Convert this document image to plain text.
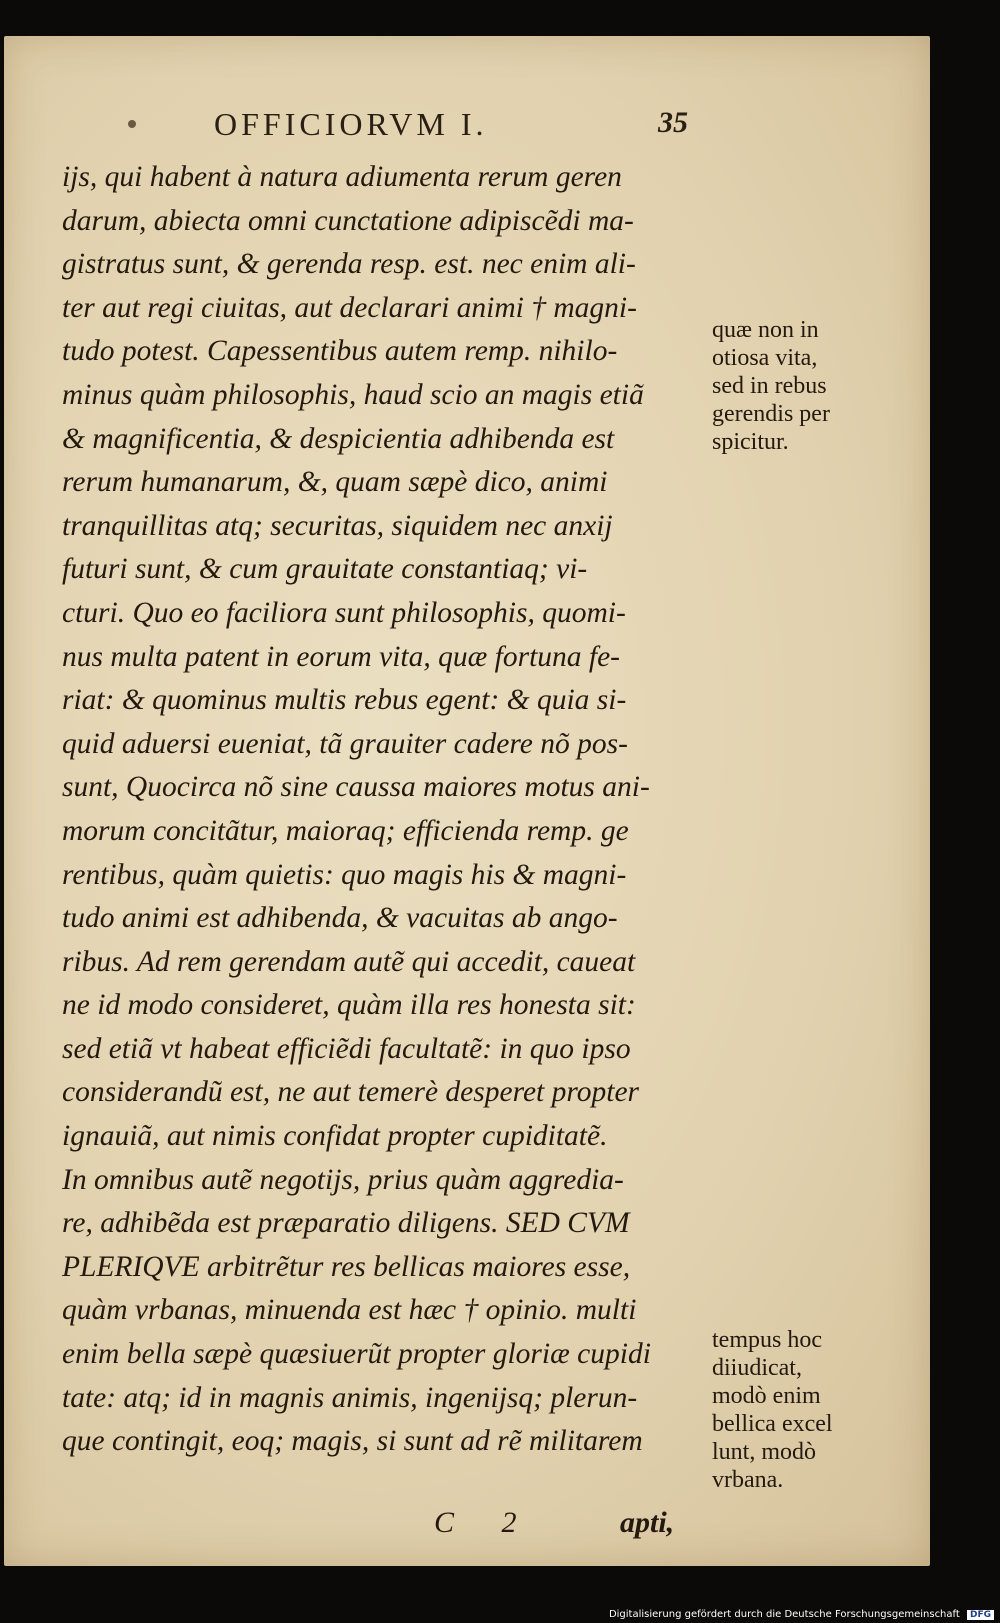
OFFICIORVM I.	35
ijs, qui habent à natura adiumenta rerum geren
darum, abiecta omni cunctatione adipiscẽdi ma-
gistratus sunt, & gerenda resp. est. nec enim ali-
ter aut regi ciuitas, aut declarari animi † magni-
tudo potest. Capessentibus autem remp. nihilo-
minus quàm philosophis, haud scio an magis etiã
& magnificentia, & despicientia adhibenda est
rerum humanarum, &, quam sæpè dico, animi
tranquillitas atq; securitas, siquidem nec anxij
futuri sunt, & cum grauitate constantiaq; vi-
cturi. Quo eo faciliora sunt philosophis, quomi-
nus multa patent in eorum vita, quæ fortuna fe-
riat: & quominus multis rebus egent: & quia si-
quid aduersi eueniat, tã grauiter cadere nõ pos-
sunt, Quocirca nõ sine caussa maiores motus ani-
morum concitãtur, maioraq; efficienda remp. ge
rentibus, quàm quietis: quo magis his & magni-
tudo animi est adhibenda, & vacuitas ab ango-
ribus. Ad rem gerendam autẽ qui accedit, caueat
ne id modo consideret, quàm illa res honesta sit:
sed etiã vt habeat efficiẽdi facultatẽ: in quo ipso
considerandũ est, ne aut temerè desperet propter
ignauiã, aut nimis confidat propter cupiditatẽ.
In omnibus autẽ negotijs, prius quàm aggredia-
re, adhibẽda est præparatio diligens. SED CVM
PLERIQVE arbitrẽtur res bellicas maiores esse,
quàm vrbanas, minuenda est hæc † opinio. multi
enim bella sæpè quæsiuerũt propter gloriæ cupidi
tate: atq; id in magnis animis, ingenijsq; plerun-
que contingit, eoq; magis, si sunt ad rẽ militarem
quæ non in
otiosa vita,
sed in rebus
gerendis per
spicitur.
tempus hoc
diiudicat,
modò enim
bellica excel
lunt, modò
vrbana.
C 2	apti,
Digitalisierung gefördert durch die Deutsche Forschungsgemeinschaft DFG
